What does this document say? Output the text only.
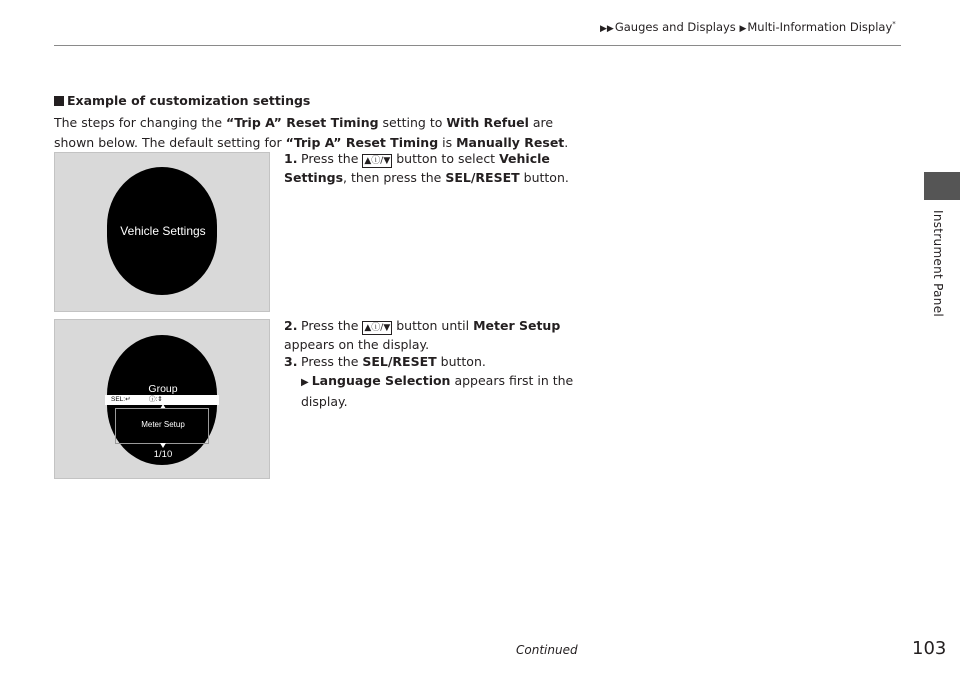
▶▶Gauges and Displays ▶Multi-Information Display*
Instrument Panel
Example of customization settings
The steps for changing the “Trip A” Reset Timing setting to With Refuel are shown below. The default setting for “Trip A” Reset Timing is Manually Reset.
Vehicle Settings
Group
SEL:↵	ⓘ:⇕
Meter Setup
1/10
1. Press the ▲ⓘ/▼ button to select Vehicle Settings, then press the SEL/RESET button.
2. Press the ▲ⓘ/▼ button until Meter Setup appears on the display.
3. Press the SEL/RESET button.
▶ Language Selection appears first in the display.
Continued	103
